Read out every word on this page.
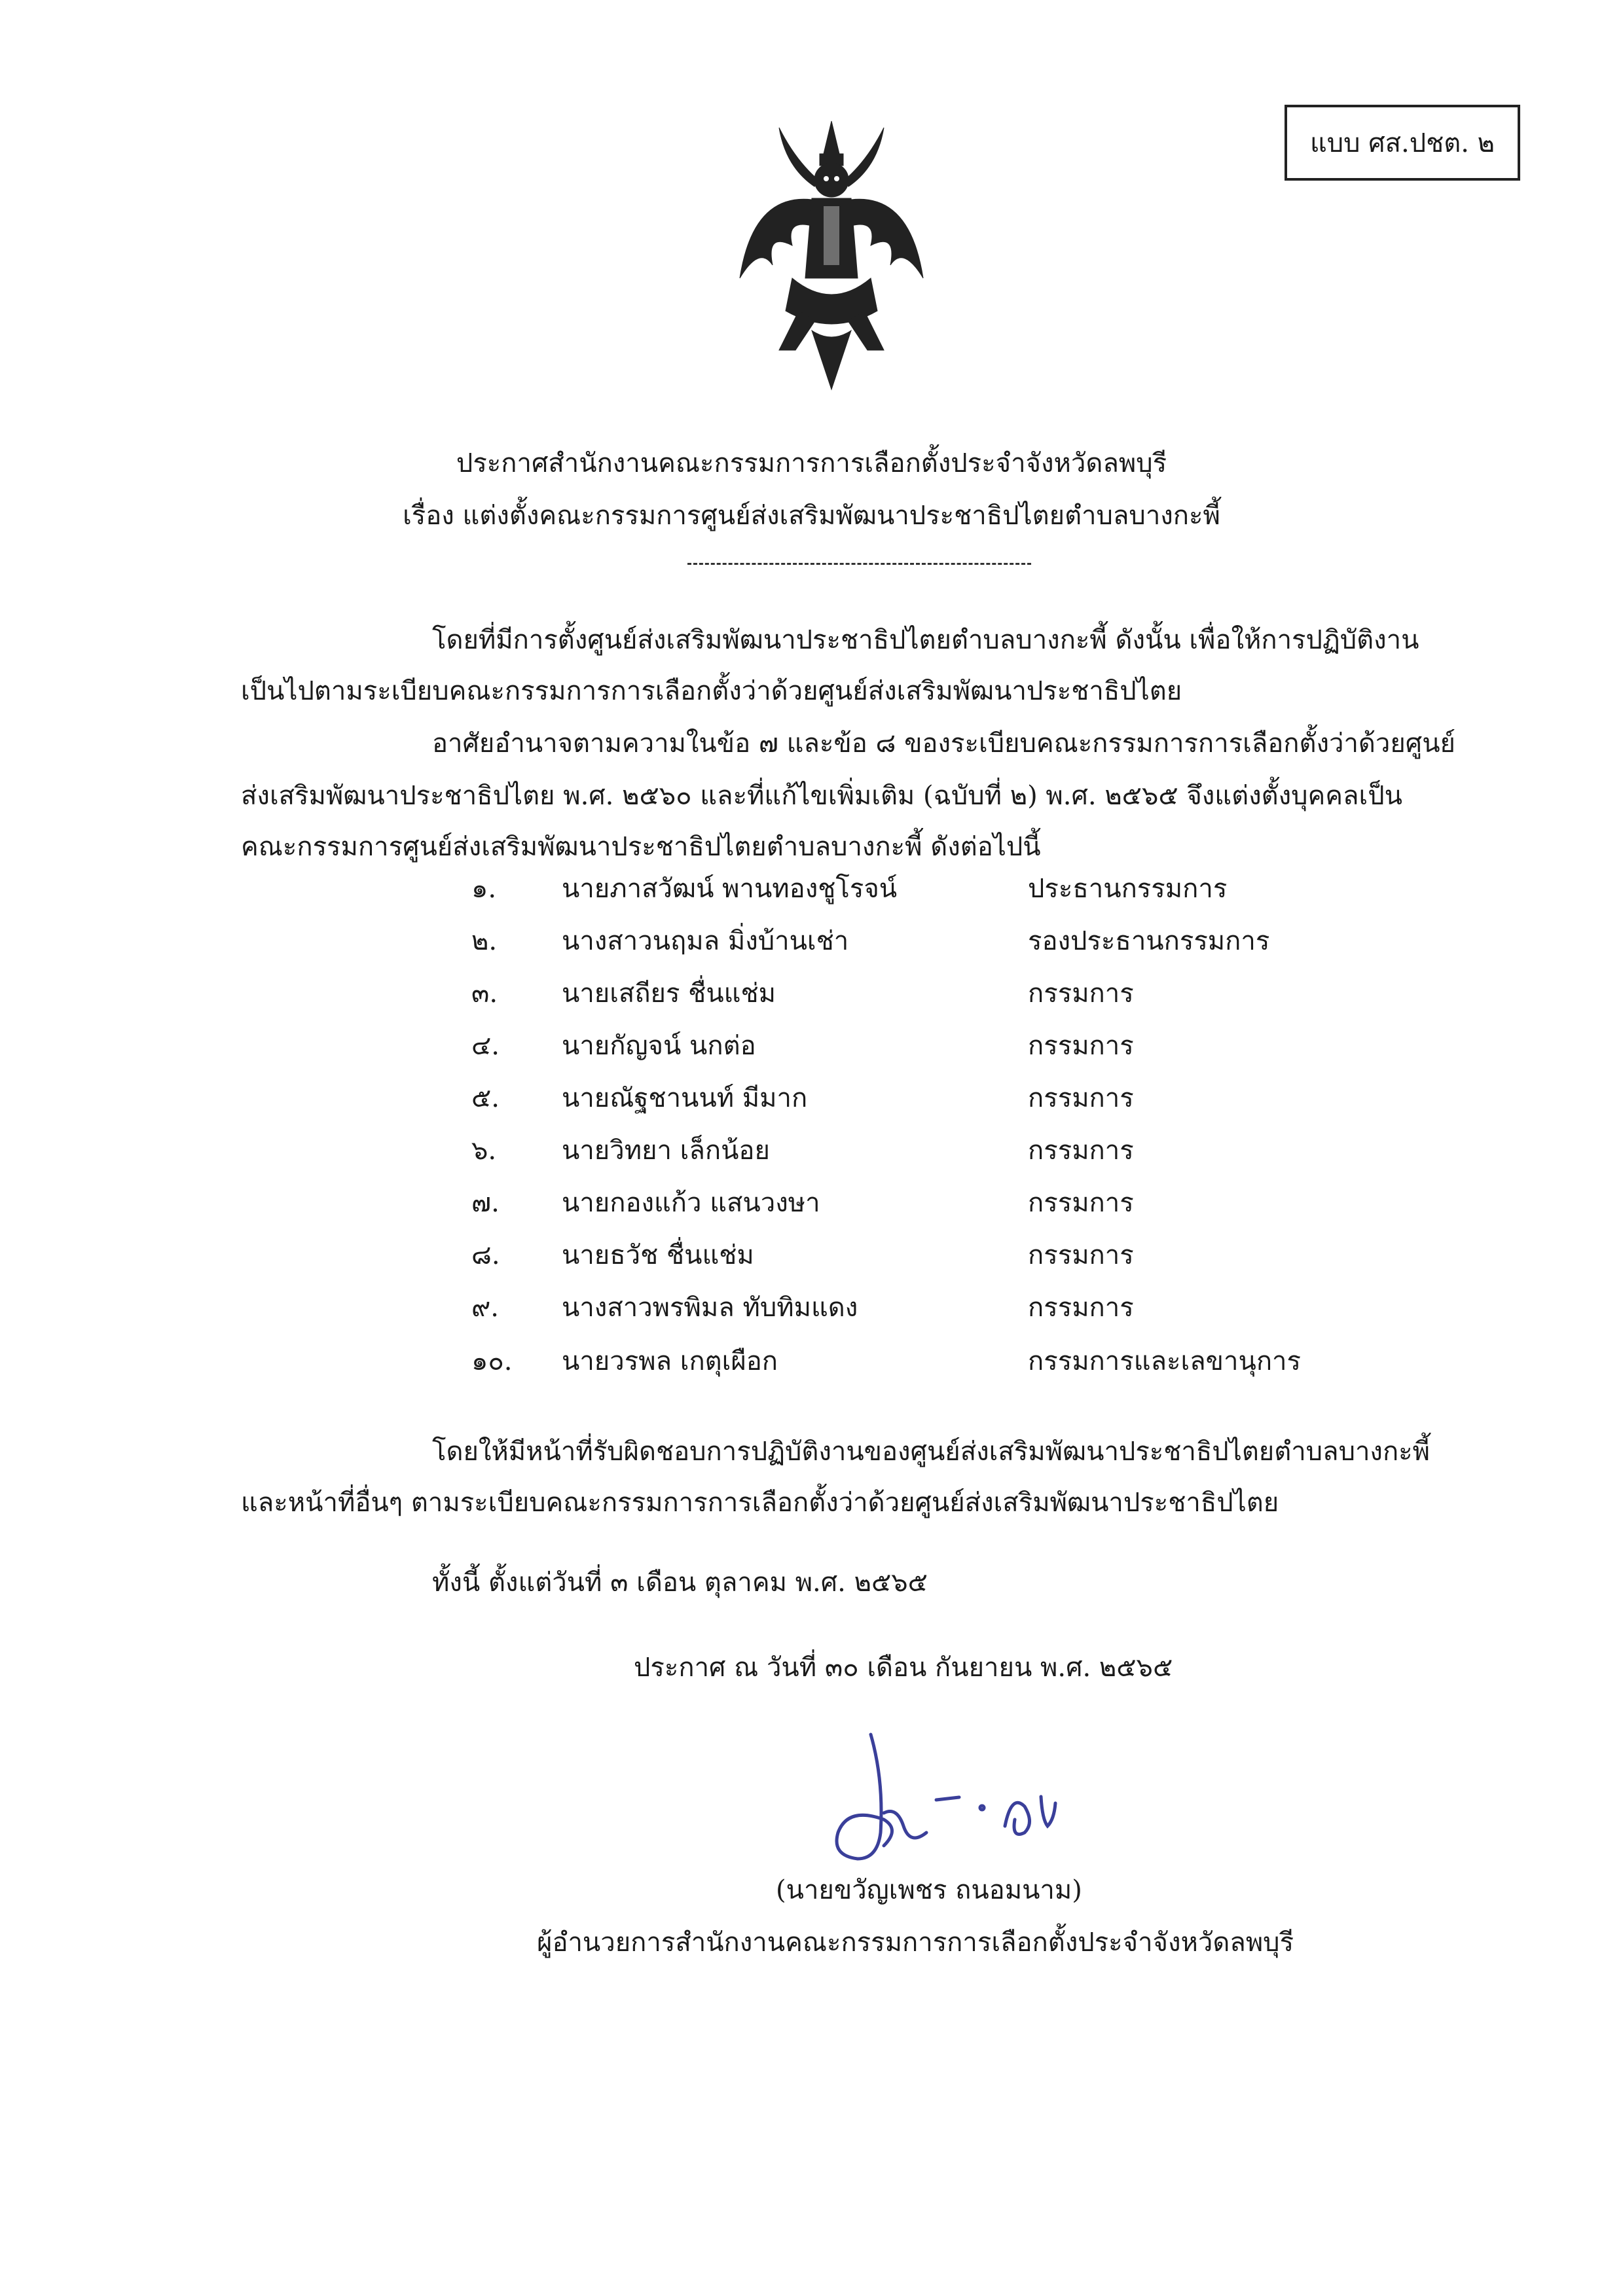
แบบ ศส.ปชต. ๒
ประกาศสำนักงานคณะกรรมการการเลือกตั้งประจำจังหวัดลพบุรี
เรื่อง แต่งตั้งคณะกรรมการศูนย์ส่งเสริมพัฒนาประชาธิปไตยตำบลบางกะพี้
โดยที่มีการตั้งศูนย์ส่งเสริมพัฒนาประชาธิปไตยตำบลบางกะพี้ ดังนั้น เพื่อให้การปฏิบัติงาน
เป็นไปตามระเบียบคณะกรรมการการเลือกตั้งว่าด้วยศูนย์ส่งเสริมพัฒนาประชาธิปไตย
อาศัยอำนาจตามความในข้อ ๗ และข้อ ๘ ของระเบียบคณะกรรมการการเลือกตั้งว่าด้วยศูนย์
ส่งเสริมพัฒนาประชาธิปไตย พ.ศ. ๒๕๖๐ และที่แก้ไขเพิ่มเติม (ฉบับที่ ๒) พ.ศ. ๒๕๖๕ จึงแต่งตั้งบุคคลเป็น
คณะกรรมการศูนย์ส่งเสริมพัฒนาประชาธิปไตยตำบลบางกะพี้ ดังต่อไปนี้
๑. นายภาสวัฒน์ พานทองชูโรจน์	ประธานกรรมการ
๒. นางสาวนฤมล มิ่งบ้านเช่า	รองประธานกรรมการ
๓. นายเสถียร ชื่นแช่ม	กรรมการ
๔. นายกัญจน์ นกต่อ	กรรมการ
๕. นายณัฐชานนท์ มีมาก	กรรมการ
๖. นายวิทยา เล็กน้อย	กรรมการ
๗. นายกองแก้ว แสนวงษา	กรรมการ
๘. นายธวัช ชื่นแช่ม	กรรมการ
๙. นางสาวพรพิมล ทับทิมแดง	กรรมการ
๑๐. นายวรพล เกตุเผือก	กรรมการและเลขานุการ
โดยให้มีหน้าที่รับผิดชอบการปฏิบัติงานของศูนย์ส่งเสริมพัฒนาประชาธิปไตยตำบลบางกะพี้
และหน้าที่อื่นๆ ตามระเบียบคณะกรรมการการเลือกตั้งว่าด้วยศูนย์ส่งเสริมพัฒนาประชาธิปไตย
ทั้งนี้ ตั้งแต่วันที่ ๓ เดือน ตุลาคม พ.ศ. ๒๕๖๕
ประกาศ ณ วันที่ ๓๐ เดือน กันยายน พ.ศ. ๒๕๖๕
(นายขวัญเพชร ถนอมนาม)
ผู้อำนวยการสำนักงานคณะกรรมการการเลือกตั้งประจำจังหวัดลพบุรี
